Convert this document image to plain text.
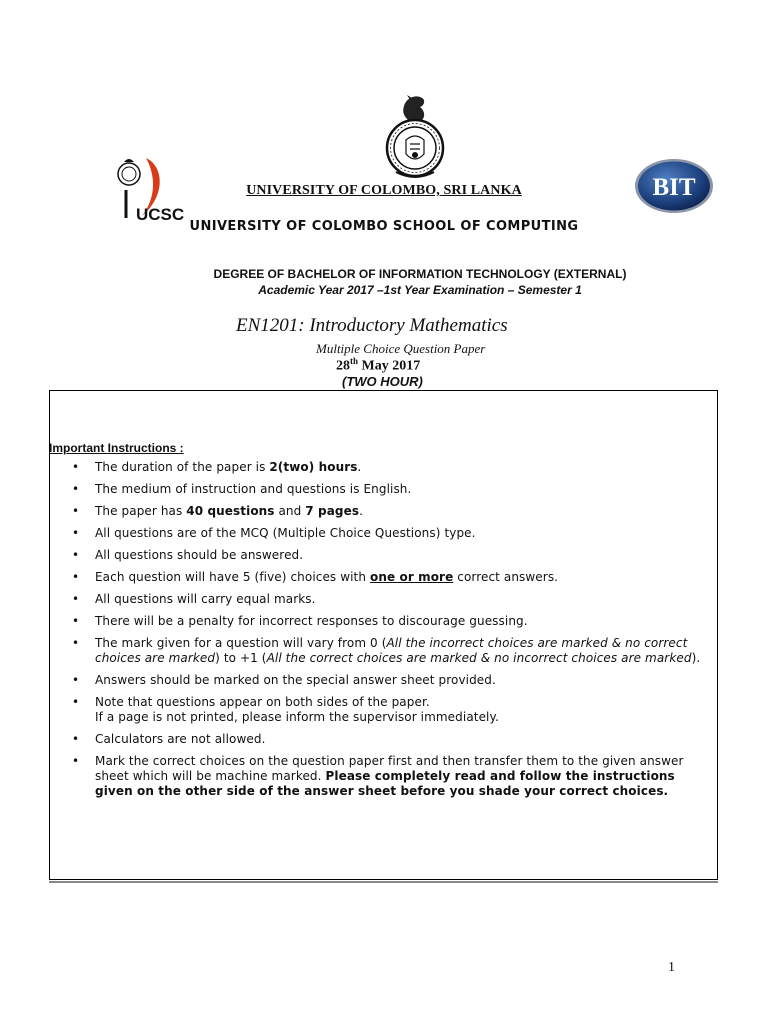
UCSC
BIT
UNIVERSITY OF COLOMBO, SRI LANKA
UNIVERSITY OF COLOMBO SCHOOL OF COMPUTING
DEGREE OF BACHELOR OF INFORMATION TECHNOLOGY (EXTERNAL)
Academic Year 2017 –1st Year Examination – Semester 1
EN1201: Introductory Mathematics
Multiple Choice Question Paper
28th May 2017
(TWO HOUR)
Important Instructions :
• The duration of the paper is 2(two) hours.
• The medium of instruction and questions is English.
• The paper has 40 questions and 7 pages.
• All questions are of the MCQ (Multiple Choice Questions) type.
• All questions should be answered.
• Each question will have 5 (five) choices with one or more correct answers.
• All questions will carry equal marks.
• There will be a penalty for incorrect responses to discourage guessing.
• The mark given for a question will vary from 0 (All the incorrect choices are marked & no correct choices are marked) to +1 (All the correct choices are marked & no incorrect choices are marked).
• Answers should be marked on the special answer sheet provided.
• Note that questions appear on both sides of the paper.
If a page is not printed, please inform the supervisor immediately.
• Calculators are not allowed.
• Mark the correct choices on the question paper first and then transfer them to the given answer sheet which will be machine marked. Please completely read and follow the instructions given on the other side of the answer sheet before you shade your correct choices.
1
